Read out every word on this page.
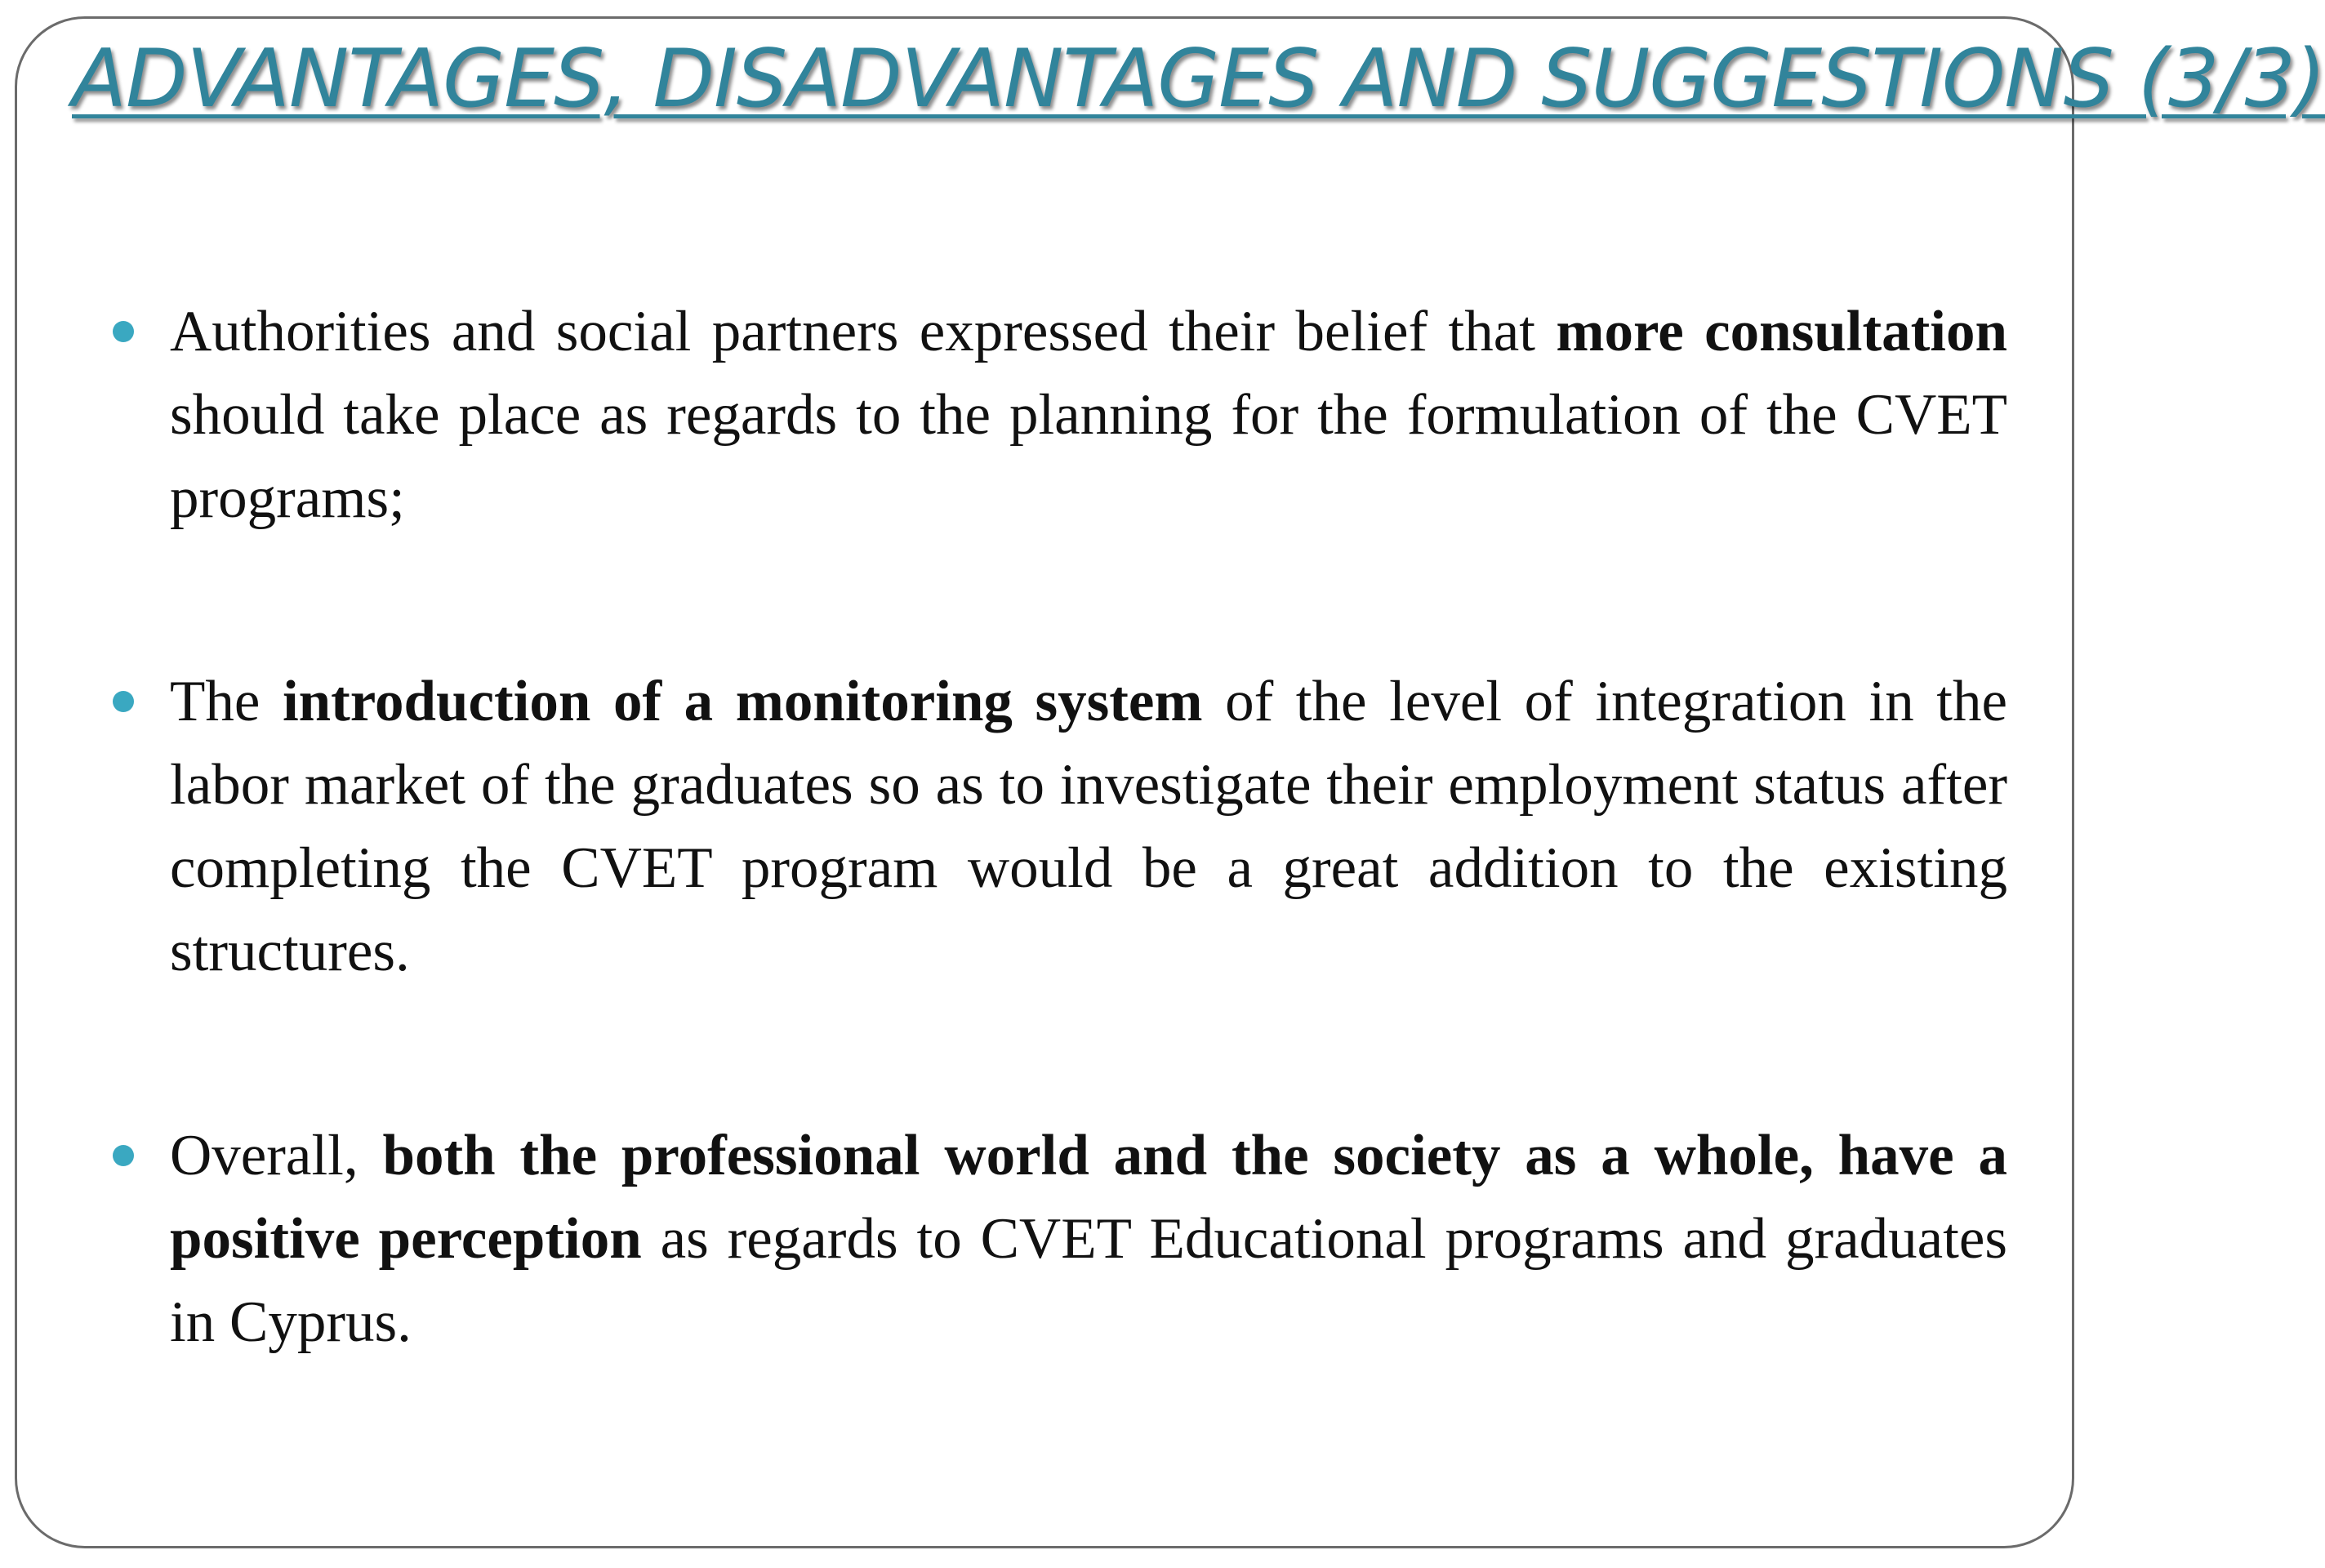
ADVANTAGES, DISADVANTAGES AND SUGGESTIONS (3/3)
Authorities and social partners expressed their belief that more consultation should take place as regards to the planning for the formulation of the CVET programs;
The introduction of a monitoring system of the level of integration in the labor market of the graduates so as to investigate their employment status after completing the CVET program would be a great addition to the existing structures.
Overall, both the professional world and the society as a whole, have a positive perception as regards to CVET Educational programs and graduates in Cyprus.
